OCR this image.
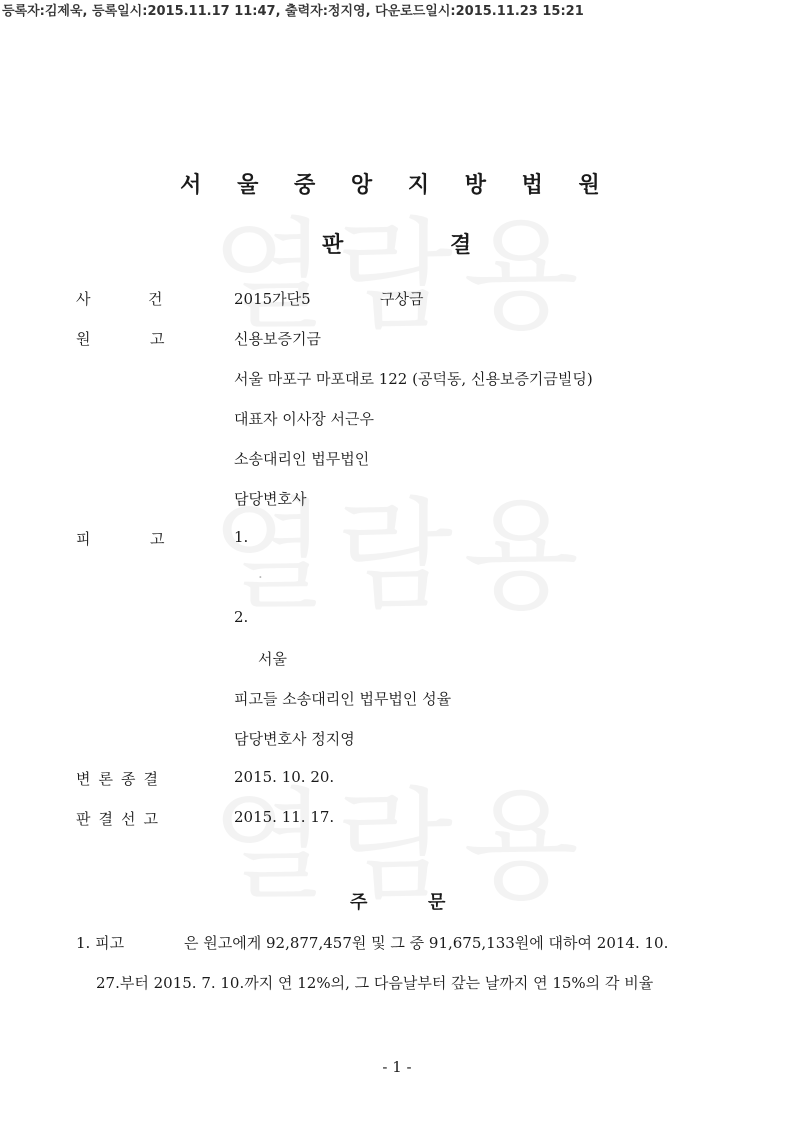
등록자:김제욱, 등록일시:2015.11.17 11:47, 출력자:정지영, 다운로드일시:2015.11.23 15:21
서 울 중 앙 지 방 법 원
판	결
사	건	2015가단5	구상금
원	고	신용보증기금
서울 마포구 마포대로 122 (공덕동, 신용보증기금빌딩)
대표자 이사장 서근우
소송대리인 법무법인
담당변호사
피	고	1.
·
2.
서울
피고들 소송대리인 법무법인 성율
담당변호사 정지영
변론종결	2015. 10. 20.
판결선고	2015. 11. 17.
주	문
1. 피고	은 원고에게 92,877,457원 및 그 중 91,675,133원에 대하여 2014. 10.
27.부터 2015. 7. 10.까지 연 12%의, 그 다음날부터 갚는 날까지 연 15%의 각 비율
- 1 -
